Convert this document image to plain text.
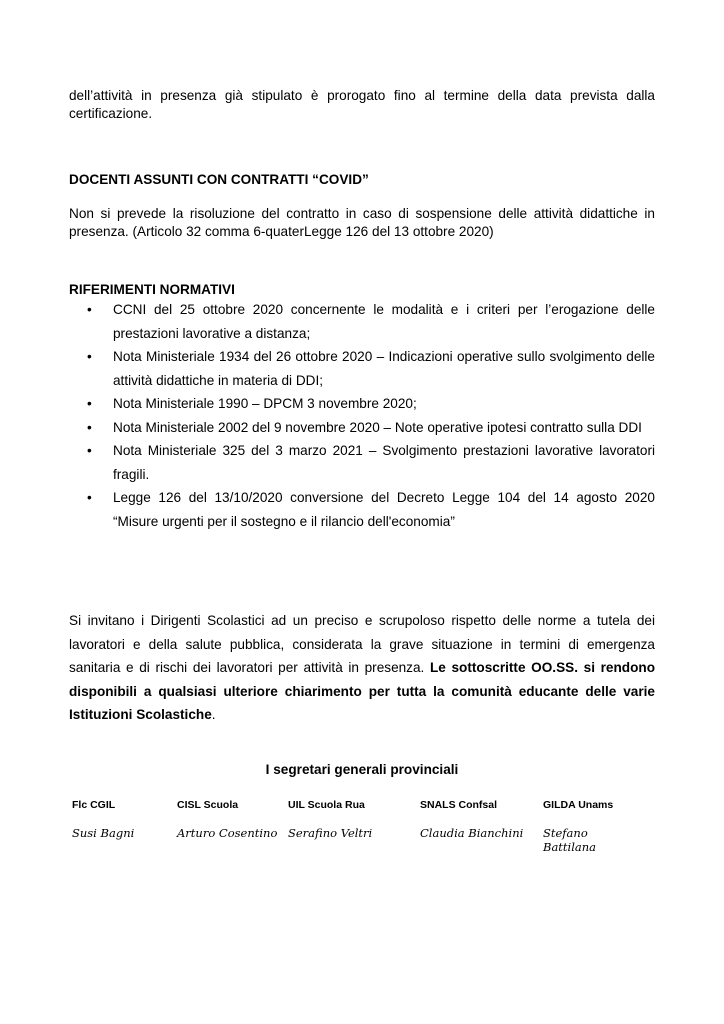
dell’attività in presenza già stipulato è prorogato fino al termine della data prevista dalla certificazione.

DOCENTI ASSUNTI CON CONTRATTI “COVID”

Non si prevede la risoluzione del contratto in caso di sospensione delle attività didattiche in presenza. (Articolo 32 comma 6-quaterLegge 126 del 13 ottobre 2020)

RIFERIMENTI NORMATIVI

• CCNI del 25 ottobre 2020 concernente le modalità e i criteri per l’erogazione delle prestazioni lavorative a distanza;
• Nota Ministeriale 1934 del 26 ottobre 2020 – Indicazioni operative sullo svolgimento delle attività didattiche in materia di DDI;
• Nota Ministeriale 1990 – DPCM 3 novembre 2020;
• Nota Ministeriale 2002 del 9 novembre 2020 – Note operative ipotesi contratto sulla DDI
• Nota Ministeriale 325 del 3 marzo 2021 – Svolgimento prestazioni lavorative lavoratori fragili.
• Legge 126 del 13/10/2020 conversione del Decreto Legge 104 del 14 agosto 2020 “Misure urgenti per il sostegno e il rilancio dell'economia”

Si invitano i Dirigenti Scolastici ad un preciso e scrupoloso rispetto delle norme a tutela dei lavoratori e della salute pubblica, considerata la grave situazione in termini di emergenza sanitaria e di rischi dei lavoratori per attività in presenza. Le sottoscritte OO.SS. si rendono disponibili a qualsiasi ulteriore chiarimento per tutta la comunità educante delle varie Istituzioni Scolastiche.

I segretari generali provinciali
Flc CGIL
Susi Bagni
CISL Scuola
Arturo Cosentino
UIL Scuola Rua
Serafino Veltri
SNALS Confsal
Claudia Bianchini
GILDA Unams
Stefano Battilana
